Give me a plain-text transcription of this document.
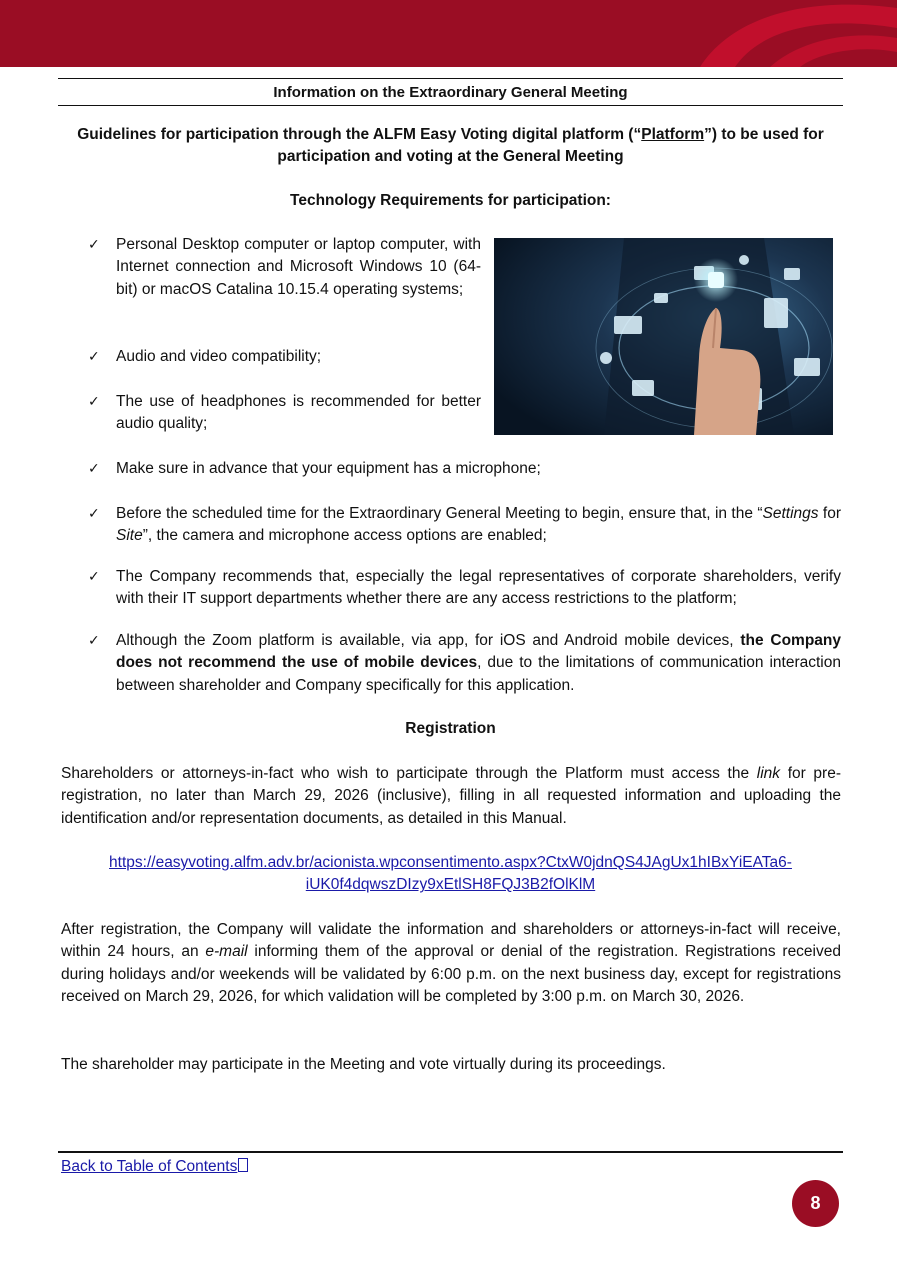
Information on the Extraordinary General Meeting
Guidelines for participation through the ALFM Easy Voting digital platform (“Platform”) to be used for participation and voting at the General Meeting
Technology Requirements for participation:
✓ Personal Desktop computer or laptop computer, with Internet connection and Microsoft Windows 10 (64-bit) or macOS Catalina 10.15.4 operating systems;
✓ Audio and video compatibility;
✓ The use of headphones is recommended for better audio quality;
✓ Make sure in advance that your equipment has a microphone;
✓ Before the scheduled time for the Extraordinary General Meeting to begin, ensure that, in the “Settings for Site”, the camera and microphone access options are enabled;
✓ The Company recommends that, especially the legal representatives of corporate shareholders, verify with their IT support departments whether there are any access restrictions to the platform;
✓ Although the Zoom platform is available, via app, for iOS and Android mobile devices, the Company does not recommend the use of mobile devices, due to the limitations of communication interaction between shareholder and Company specifically for this application.
Registration
Shareholders or attorneys-in-fact who wish to participate through the Platform must access the link for pre-registration, no later than March 29, 2026 (inclusive), filling in all requested information and uploading the identification and/or representation documents, as detailed in this Manual.
https://easyvoting.alfm.adv.br/acionista.wpconsentimento.aspx?CtxW0jdnQS4JAgUx1hIBxYiEATa6-
iUK0f4dqwszDIzy9xEtlSH8FQJ3B2fOlKlM
After registration, the Company will validate the information and shareholders or attorneys-in-fact will receive, within 24 hours, an e-mail informing them of the approval or denial of the registration. Registrations received during holidays and/or weekends will be validated by 6:00 p.m. on the next business day, except for registrations received on March 29, 2026, for which validation will be completed by 3:00 p.m. on March 30, 2026.
The shareholder may participate in the Meeting and vote virtually during its proceedings.
Back to Table of Contents
8
